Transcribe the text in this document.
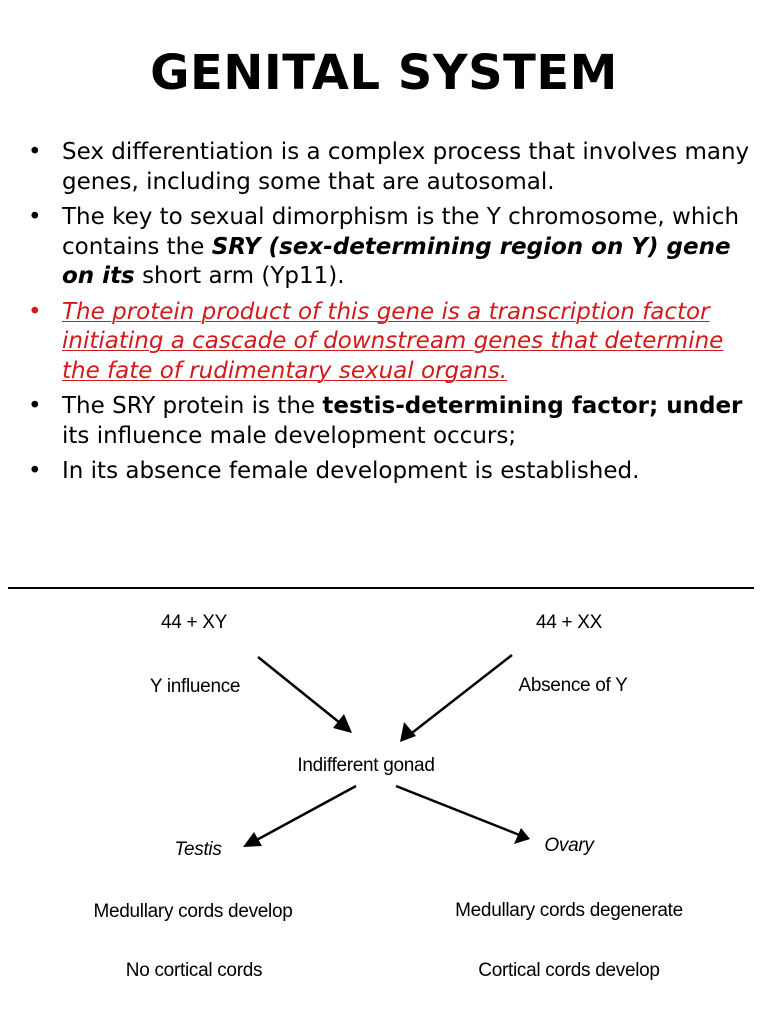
GENITAL SYSTEM
• Sex differentiation is a complex process that involves many genes, including some that are autosomal.
• The key to sexual dimorphism is the Y chromosome, which contains the SRY (sex-determining region on Y) gene on its short arm (Yp11).
• The protein product of this gene is a transcription factor initiating a cascade of downstream genes that determine the fate of rudimentary sexual organs.
• The SRY protein is the testis-determining factor; under its influence male development occurs;
• In its absence female development is established.
44 + XY	44 + XX
Y influence	Absence of Y
Indifferent gonad
Testis	Ovary
Medullary cords develop	Medullary cords degenerate
No cortical cords	Cortical cords develop
